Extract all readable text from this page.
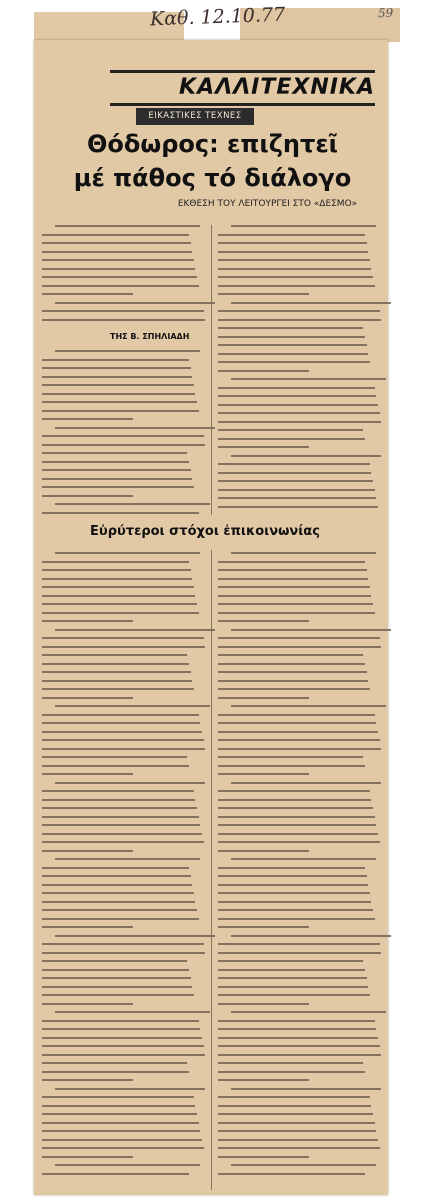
Καθ. 12.10.77	59
ΚΑΛΛΙΤΕΧΝΙΚΑ
ΕΙΚΑΣΤΙΚΕΣ ΤΕΧΝΕΣ
Θόδωρος: επιζητεῖ
μέ πάθος τό διάλογο
ΕΚΘΕΣΗ ΤΟΥ ΛΕΙΤΟΥΡΓΕΙ ΣΤΟ «ΔΕΣΜΟ»
ΤΗΣ Β. ΣΠΗΛΙΑΔΗ
Εὐρύτεροι στόχοι ἐπικοινωνίας
